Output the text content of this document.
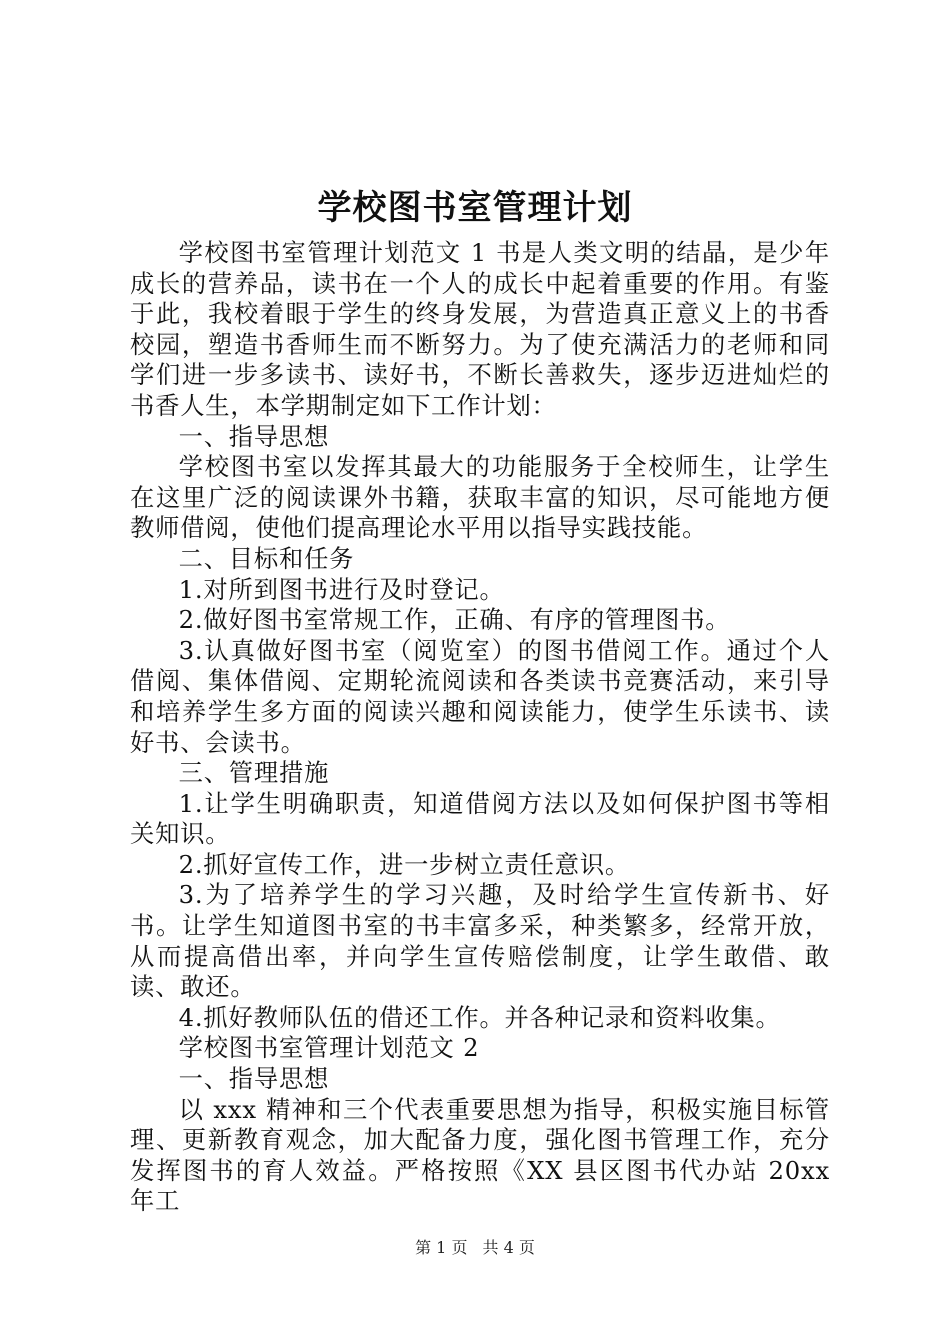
学校图书室管理计划

学校图书室管理计划范文 1 书是人类文明的结晶，是少年成长的营养品，读书在一个人的成长中起着重要的作用。有鉴于此，我校着眼于学生的终身发展，为营造真正意义上的书香校园，塑造书香师生而不断努力。为了使充满活力的老师和同学们进一步多读书、读好书，不断长善救失，逐步迈进灿烂的书香人生，本学期制定如下工作计划：

一、指导思想

学校图书室以发挥其最大的功能服务于全校师生，让学生在这里广泛的阅读课外书籍，获取丰富的知识，尽可能地方便教师借阅，使他们提高理论水平用以指导实践技能。

二、目标和任务

1.对所到图书进行及时登记。

2.做好图书室常规工作，正确、有序的管理图书。

3.认真做好图书室（阅览室）的图书借阅工作。通过个人借阅、集体借阅、定期轮流阅读和各类读书竞赛活动，来引导和培养学生多方面的阅读兴趣和阅读能力，使学生乐读书、读好书、会读书。

三、管理措施

1.让学生明确职责，知道借阅方法以及如何保护图书等相关知识。

2.抓好宣传工作，进一步树立责任意识。

3.为了培养学生的学习兴趣，及时给学生宣传新书、好书。让学生知道图书室的书丰富多采，种类繁多，经常开放，从而提高借出率，并向学生宣传赔偿制度，让学生敢借、敢读、敢还。

4.抓好教师队伍的借还工作。并各种记录和资料收集。

学校图书室管理计划范文 2

一、指导思想

以 xxx 精神和三个代表重要思想为指导，积极实施目标管理、更新教育观念，加大配备力度，强化图书管理工作，充分发挥图书的育人效益。严格按照《XX 县区图书代办站 20xx 年工

第 1 页 共 4 页
